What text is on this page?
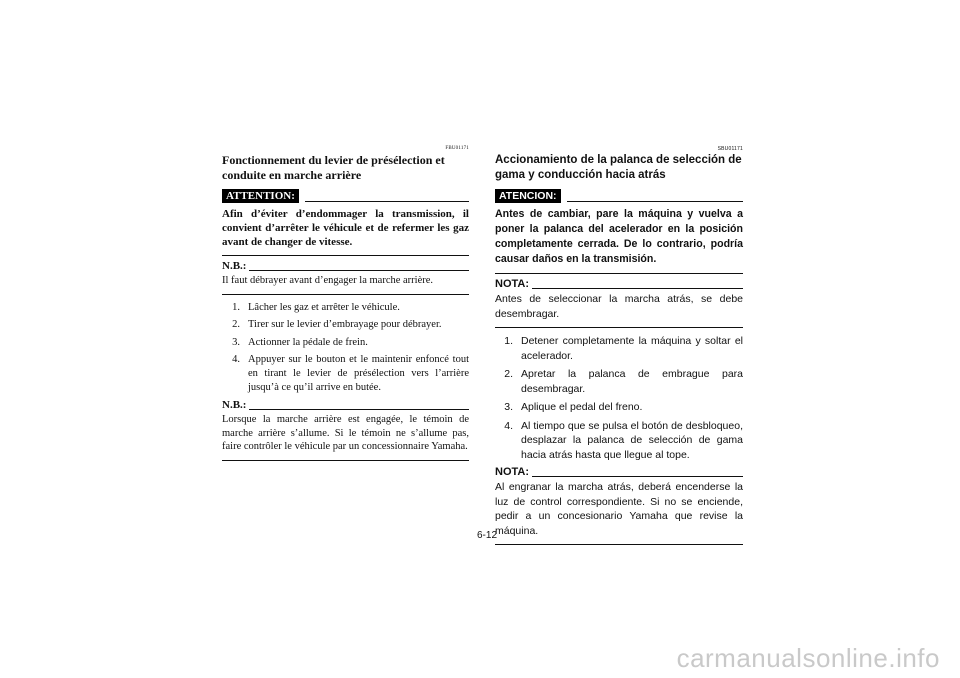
FBU01171
Fonctionnement du levier de présélection et conduite en marche arrière
ATTENTION:
Afin d’éviter d’endommager la transmission, il convient d’arrêter le véhicule et de refermer les gaz avant de changer de vitesse.
N.B.:
Il faut débrayer avant d’engager la marche arrière.
1. Lâcher les gaz et arrêter le véhicule.
2. Tirer sur le levier d’embrayage pour débrayer.
3. Actionner la pédale de frein.
4. Appuyer sur le bouton et le maintenir enfoncé tout en tirant le levier de présélection vers l’arrière jusqu’à ce qu’il arrive en butée.
N.B.:
Lorsque la marche arrière est engagée, le témoin de marche arrière s’allume. Si le témoin ne s’allume pas, faire contrôler le véhicule par un concessionnaire Yamaha.
SBU01171
Accionamiento de la palanca de selección de gama y conducción hacia atrás
ATENCION:
Antes de cambiar, pare la máquina y vuelva a poner la palanca del acelerador en la posición completamente cerrada. De lo contrario, podría causar daños en la transmisión.
NOTA:
Antes de seleccionar la marcha atrás, se debe desembragar.
1. Detener completamente la máquina y soltar el acelerador.
2. Apretar la palanca de embrague para desembragar.
3. Aplique el pedal del freno.
4. Al tiempo que se pulsa el botón de desbloqueo, desplazar la palanca de selección de gama hacia atrás hasta que llegue al tope.
NOTA:
Al engranar la marcha atrás, deberá encenderse la luz de control correspondiente. Si no se enciende, pedir a un concesionario Yamaha que revise la máquina.
6-12
carmanualsonline.info
